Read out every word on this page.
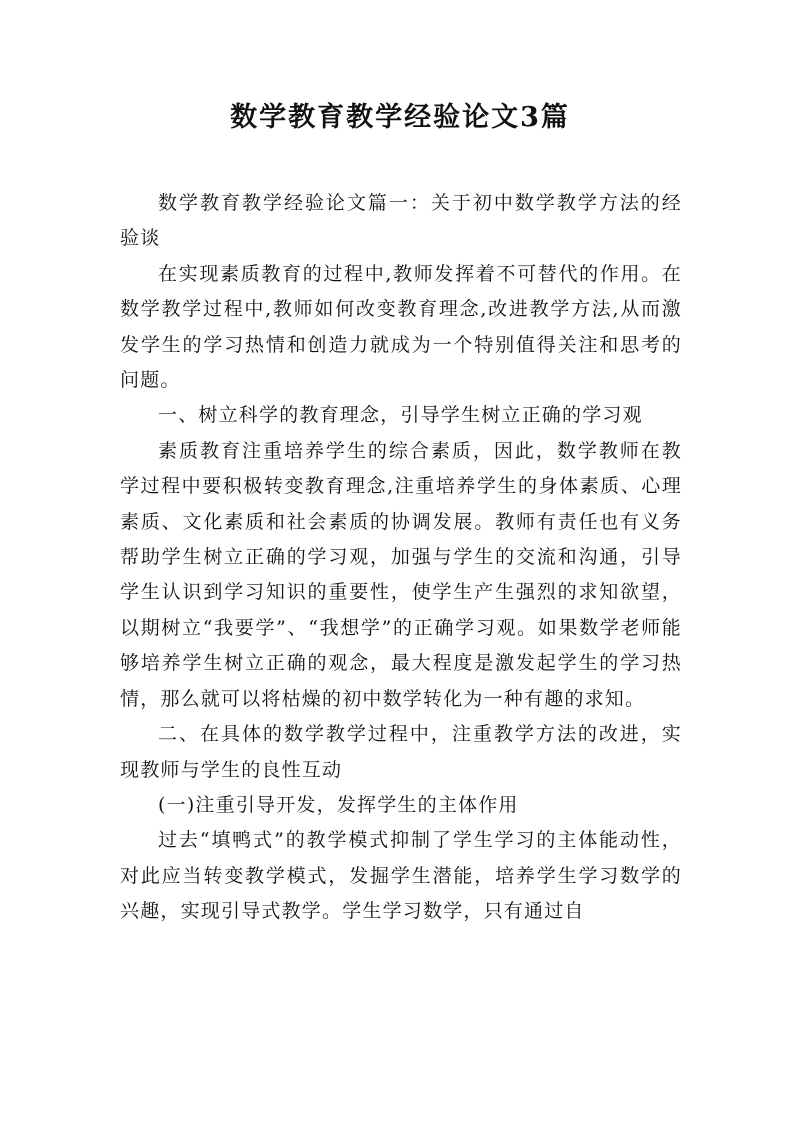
数学教育教学经验论文3篇

数学教育教学经验论文篇一：关于初中数学教学方法的经验谈

在实现素质教育的过程中,教师发挥着不可替代的作用。在数学教学过程中,教师如何改变教育理念,改进教学方法,从而激发学生的学习热情和创造力就成为一个特别值得关注和思考的问题。

一、树立科学的教育理念，引导学生树立正确的学习观

素质教育注重培养学生的综合素质，因此，数学教师在教学过程中要积极转变教育理念,注重培养学生的身体素质、心理素质、文化素质和社会素质的协调发展。教师有责任也有义务帮助学生树立正确的学习观，加强与学生的交流和沟通，引导学生认识到学习知识的重要性，使学生产生强烈的求知欲望，以期树立“我要学”、“我想学”的正确学习观。如果数学老师能够培养学生树立正确的观念，最大程度是激发起学生的学习热情，那么就可以将枯燥的初中数学转化为一种有趣的求知。

二、在具体的数学教学过程中，注重教学方法的改进，实现教师与学生的良性互动

(一)注重引导开发，发挥学生的主体作用

过去“填鸭式”的教学模式抑制了学生学习的主体能动性，对此应当转变教学模式，发掘学生潜能，培养学生学习数学的兴趣，实现引导式教学。学生学习数学，只有通过自
